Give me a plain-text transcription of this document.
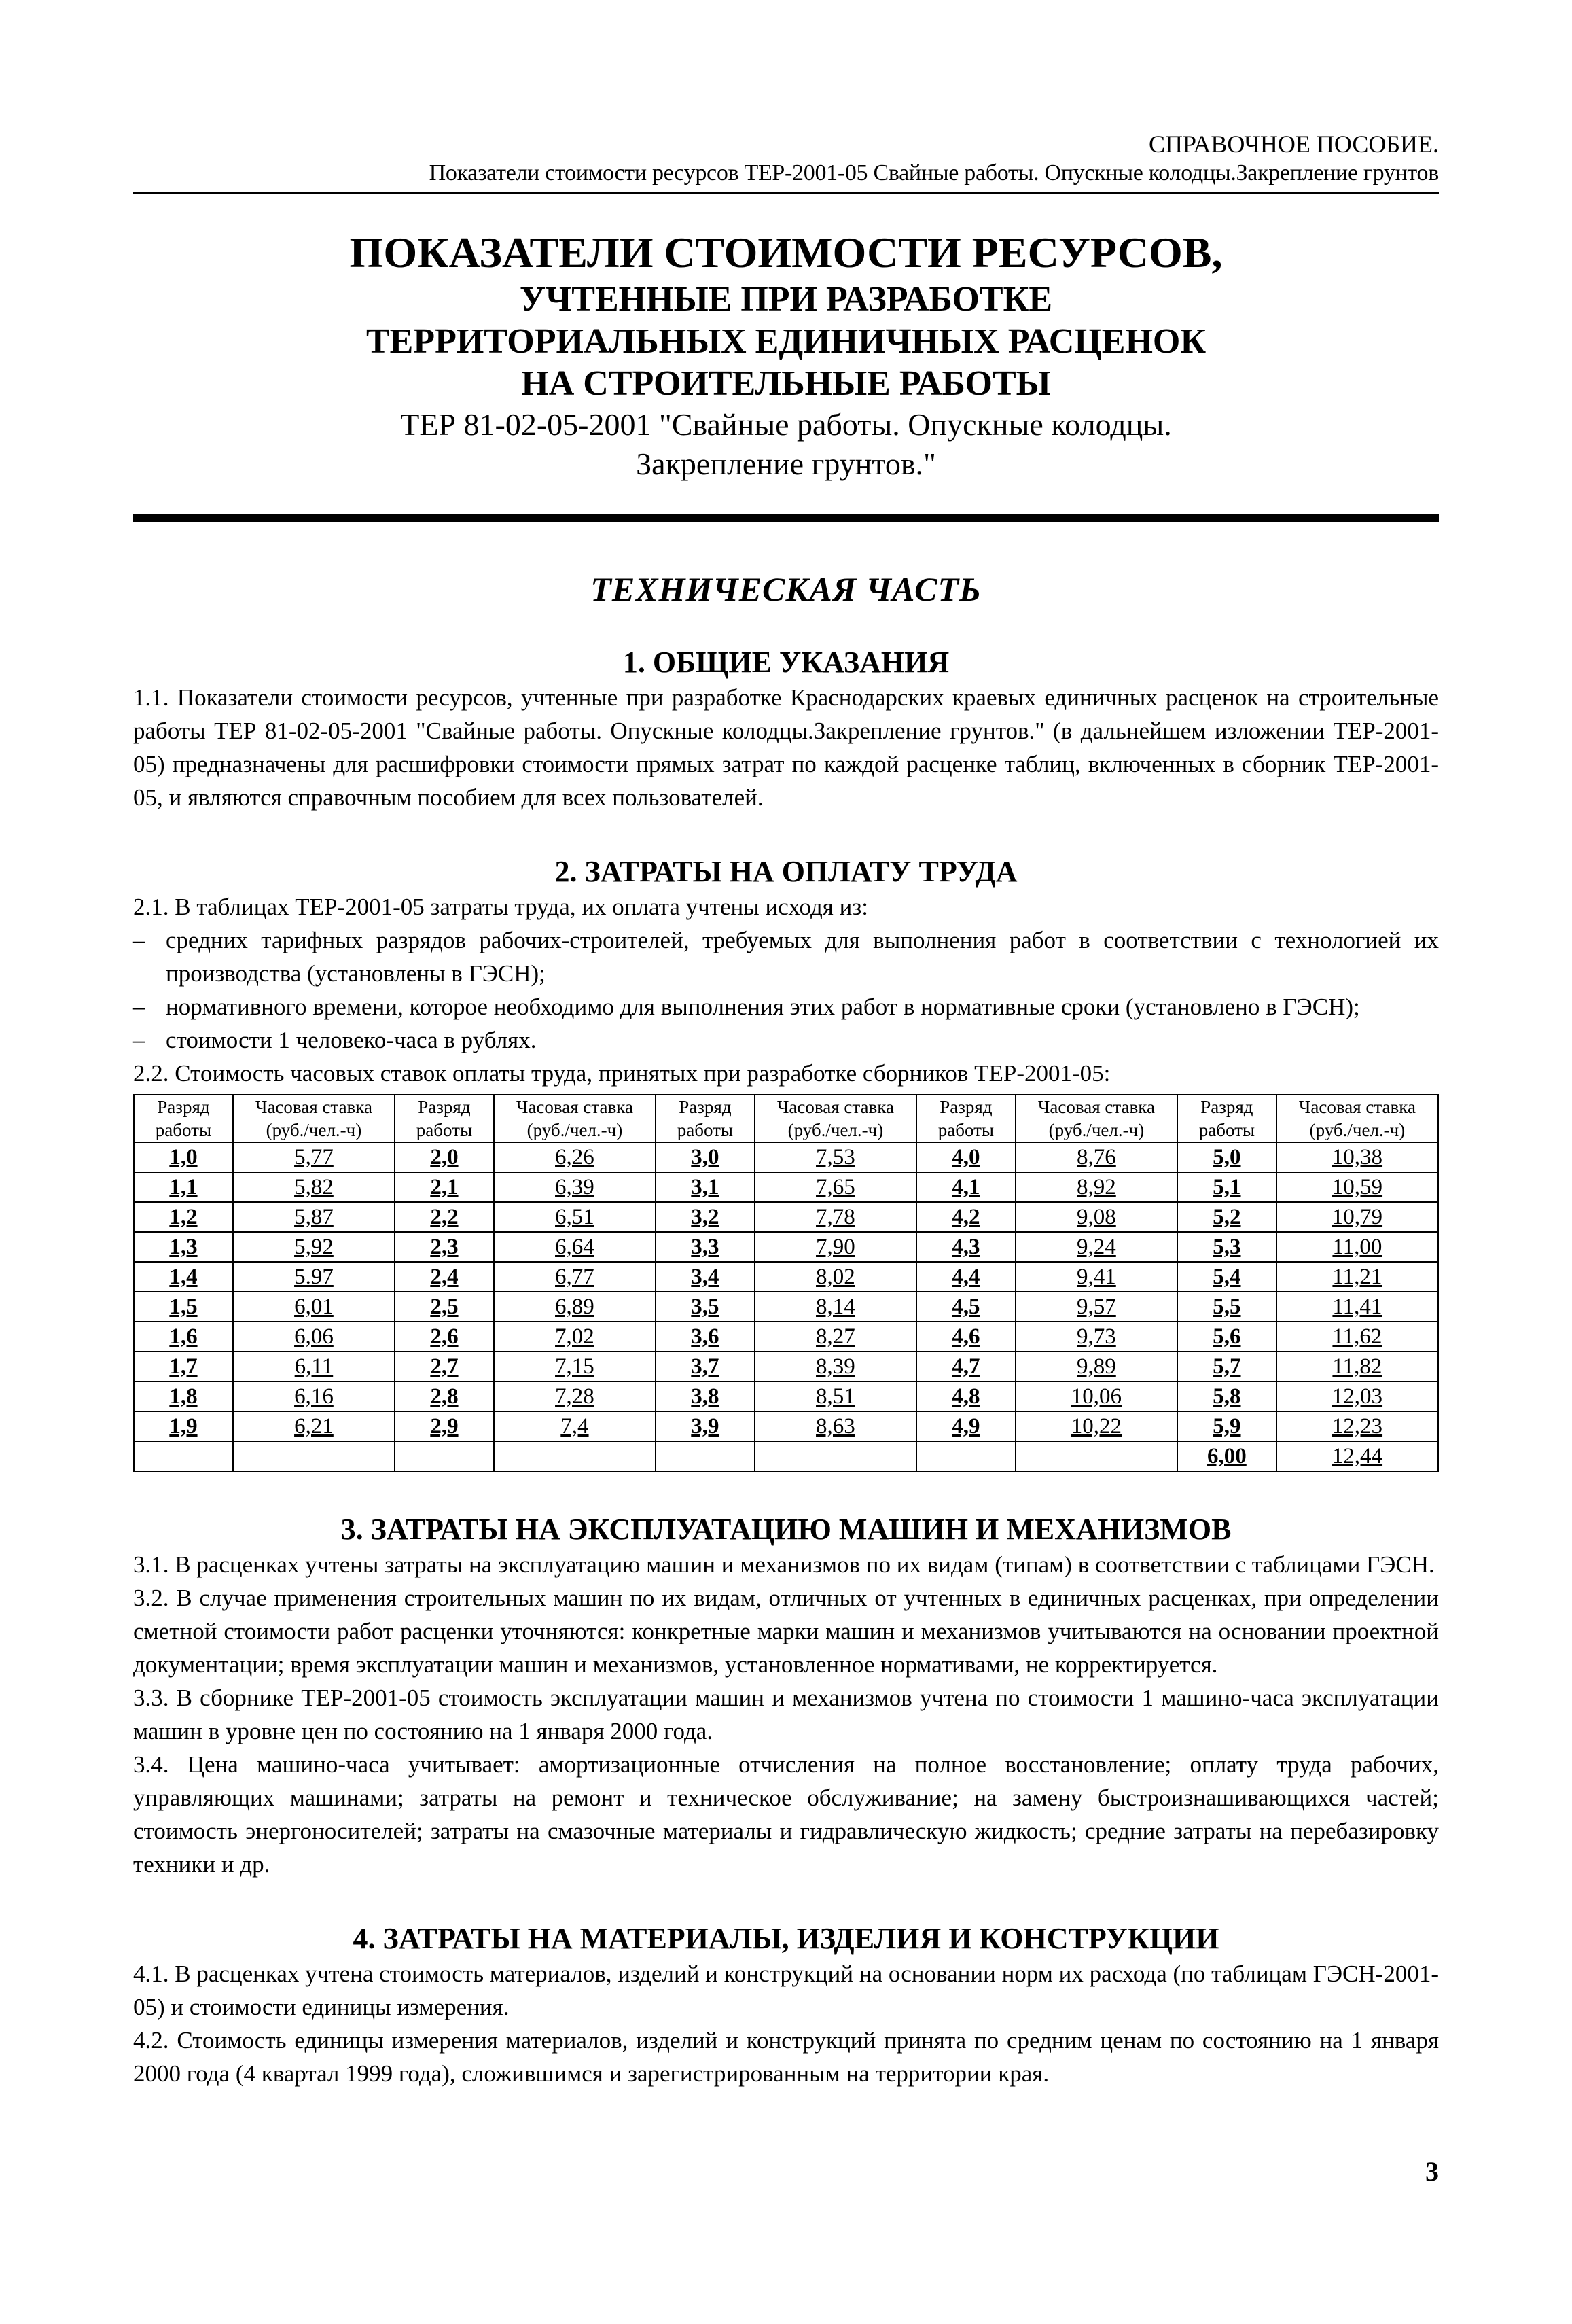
СПРАВОЧНОЕ ПОСОБИЕ.
Показатели стоимости ресурсов ТЕР-2001-05 Свайные работы. Опускные колодцы.Закрепление грунтов
ПОКАЗАТЕЛИ СТОИМОСТИ РЕСУРСОВ,
УЧТЕННЫЕ ПРИ РАЗРАБОТКЕ
ТЕРРИТОРИАЛЬНЫХ ЕДИНИЧНЫХ РАСЦЕНОК
НА СТРОИТЕЛЬНЫЕ РАБОТЫ
ТЕР 81-02-05-2001 "Свайные работы. Опускные колодцы.
Закрепление грунтов."
ТЕХНИЧЕСКАЯ ЧАСТЬ
1. ОБЩИЕ УКАЗАНИЯ

1.1. Показатели стоимости ресурсов, учтенные при разработке Краснодарских краевых единичных расценок на строительные работы ТЕР 81-02-05-2001 "Свайные работы. Опускные колодцы.Закрепление грунтов." (в дальнейшем изложении ТЕР-2001-05) предназначены для расшифровки стоимости прямых затрат по каждой расценке таблиц, включенных в сборник ТЕР-2001-05, и являются справочным пособием для всех пользователей.

2. ЗАТРАТЫ НА ОПЛАТУ ТРУДА

2.1. В таблицах ТЕР-2001-05 затраты труда, их оплата учтены исходя из:

– средних тарифных разрядов рабочих-строителей, требуемых для выполнения работ в соответствии с технологией их производства (установлены в ГЭСН);
– нормативного времени, которое необходимо для выполнения этих работ в нормативные сроки (установлено в ГЭСН);
– стоимости 1 человеко-часа в рублях.

2.2. Стоимость часовых ставок оплаты труда, принятых при разработке сборников ТЕР-2001-05:

Разряд работы	Часовая ставка (руб./чел.-ч)	Разряд работы	Часовая ставка (руб./чел.-ч)	Разряд работы	Часовая ставка (руб./чел.-ч)	Разряд работы	Часовая ставка (руб./чел.-ч)	Разряд работы	Часовая ставка (руб./чел.-ч)
1,0	5,77	2,0	6,26	3,0	7,53	4,0	8,76	5,0	10,38
1,1	5,82	2,1	6,39	3,1	7,65	4,1	8,92	5,1	10,59
1,2	5,87	2,2	6,51	3,2	7,78	4,2	9,08	5,2	10,79
1,3	5,92	2,3	6,64	3,3	7,90	4,3	9,24	5,3	11,00
1,4	5.97	2,4	6,77	3,4	8,02	4,4	9,41	5,4	11,21
1,5	6,01	2,5	6,89	3,5	8,14	4,5	9,57	5,5	11,41
1,6	6,06	2,6	7,02	3,6	8,27	4,6	9,73	5,6	11,62
1,7	6,11	2,7	7,15	3,7	8,39	4,7	9,89	5,7	11,82
1,8	6,16	2,8	7,28	3,8	8,51	4,8	10,06	5,8	12,03
1,9	6,21	2,9	7,4	3,9	8,63	4,9	10,22	5,9	12,23
								6,00	12,44
3. ЗАТРАТЫ НА ЭКСПЛУАТАЦИЮ МАШИН И МЕХАНИЗМОВ

3.1. В расценках учтены затраты на эксплуатацию машин и механизмов по их видам (типам) в соответствии с таблицами ГЭСН.

3.2. В случае применения строительных машин по их видам, отличных от учтенных в единичных расценках, при определении сметной стоимости работ расценки уточняются: конкретные марки машин и механизмов учитываются на основании проектной документации; время эксплуатации машин и механизмов, установленное нормативами, не корректируется.

3.3. В сборнике ТЕР-2001-05 стоимость эксплуатации машин и механизмов учтена по стоимости 1 машино-часа эксплуатации машин в уровне цен по состоянию на 1 января 2000 года.

3.4. Цена машино-часа учитывает: амортизационные отчисления на полное восстановление; оплату труда рабочих, управляющих машинами; затраты на ремонт и техническое обслуживание; на замену быстроизнашивающихся частей; стоимость энергоносителей; затраты на смазочные материалы и гидравлическую жидкость; средние затраты на перебазировку техники и др.

4. ЗАТРАТЫ НА МАТЕРИАЛЫ, ИЗДЕЛИЯ И КОНСТРУКЦИИ

4.1. В расценках учтена стоимость материалов, изделий и конструкций на основании норм их расхода (по таблицам ГЭСН-2001-05) и стоимости единицы измерения.

4.2. Стоимость единицы измерения материалов, изделий и конструкций принята по средним ценам по состоянию на 1 января 2000 года (4 квартал 1999 года), сложившимся и зарегистрированным на территории края.

3
